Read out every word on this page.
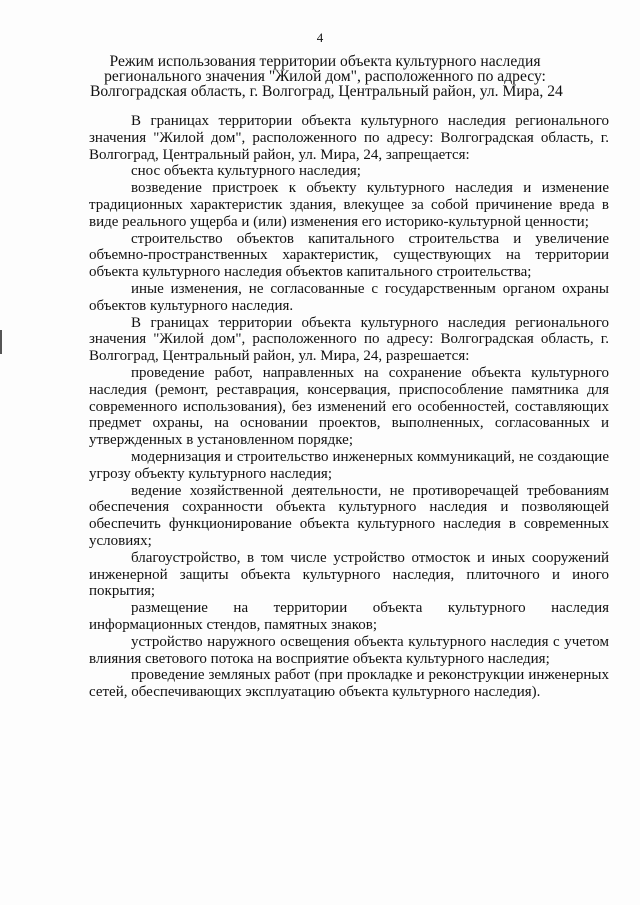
4
Режим использования территории объекта культурного наследия
регионального значения "Жилой дом", расположенного по адресу:
Волгоградская область, г. Волгоград, Центральный район, ул. Мира, 24

В границах территории объекта культурного наследия регионального значения "Жилой дом", расположенного по адресу: Волгоградская область, г. Волгоград, Центральный район, ул. Мира, 24, запрещается:

снос объекта культурного наследия;

возведение пристроек к объекту культурного наследия и изменение традиционных характеристик здания, влекущее за собой причинение вреда в виде реального ущерба и (или) изменения его историко-культурной ценности;

строительство объектов капитального строительства и увеличение объемно-пространственных характеристик, существующих на территории объекта культурного наследия объектов капитального строительства;

иные изменения, не согласованные с государственным органом охраны объектов культурного наследия.

В границах территории объекта культурного наследия регионального значения "Жилой дом", расположенного по адресу: Волгоградская область, г. Волгоград, Центральный район, ул. Мира, 24, разрешается:

проведение работ, направленных на сохранение объекта культурного наследия (ремонт, реставрация, консервация, приспособление памятника для современного использования), без изменений его особенностей, составляющих предмет охраны, на основании проектов, выполненных, согласованных и утвержденных в установленном порядке;

модернизация и строительство инженерных коммуникаций, не создающие угрозу объекту культурного наследия;

ведение хозяйственной деятельности, не противоречащей требованиям обеспечения сохранности объекта культурного наследия и позволяющей обеспечить функционирование объекта культурного наследия в современных условиях;

благоустройство, в том числе устройство отмосток и иных сооружений инженерной защиты объекта культурного наследия, плиточного и иного покрытия;

размещение на территории объекта культурного наследия информационных стендов, памятных знаков;

устройство наружного освещения объекта культурного наследия с учетом влияния светового потока на восприятие объекта культурного наследия;

проведение земляных работ (при прокладке и реконструкции инженерных сетей, обеспечивающих эксплуатацию объекта культурного наследия).
